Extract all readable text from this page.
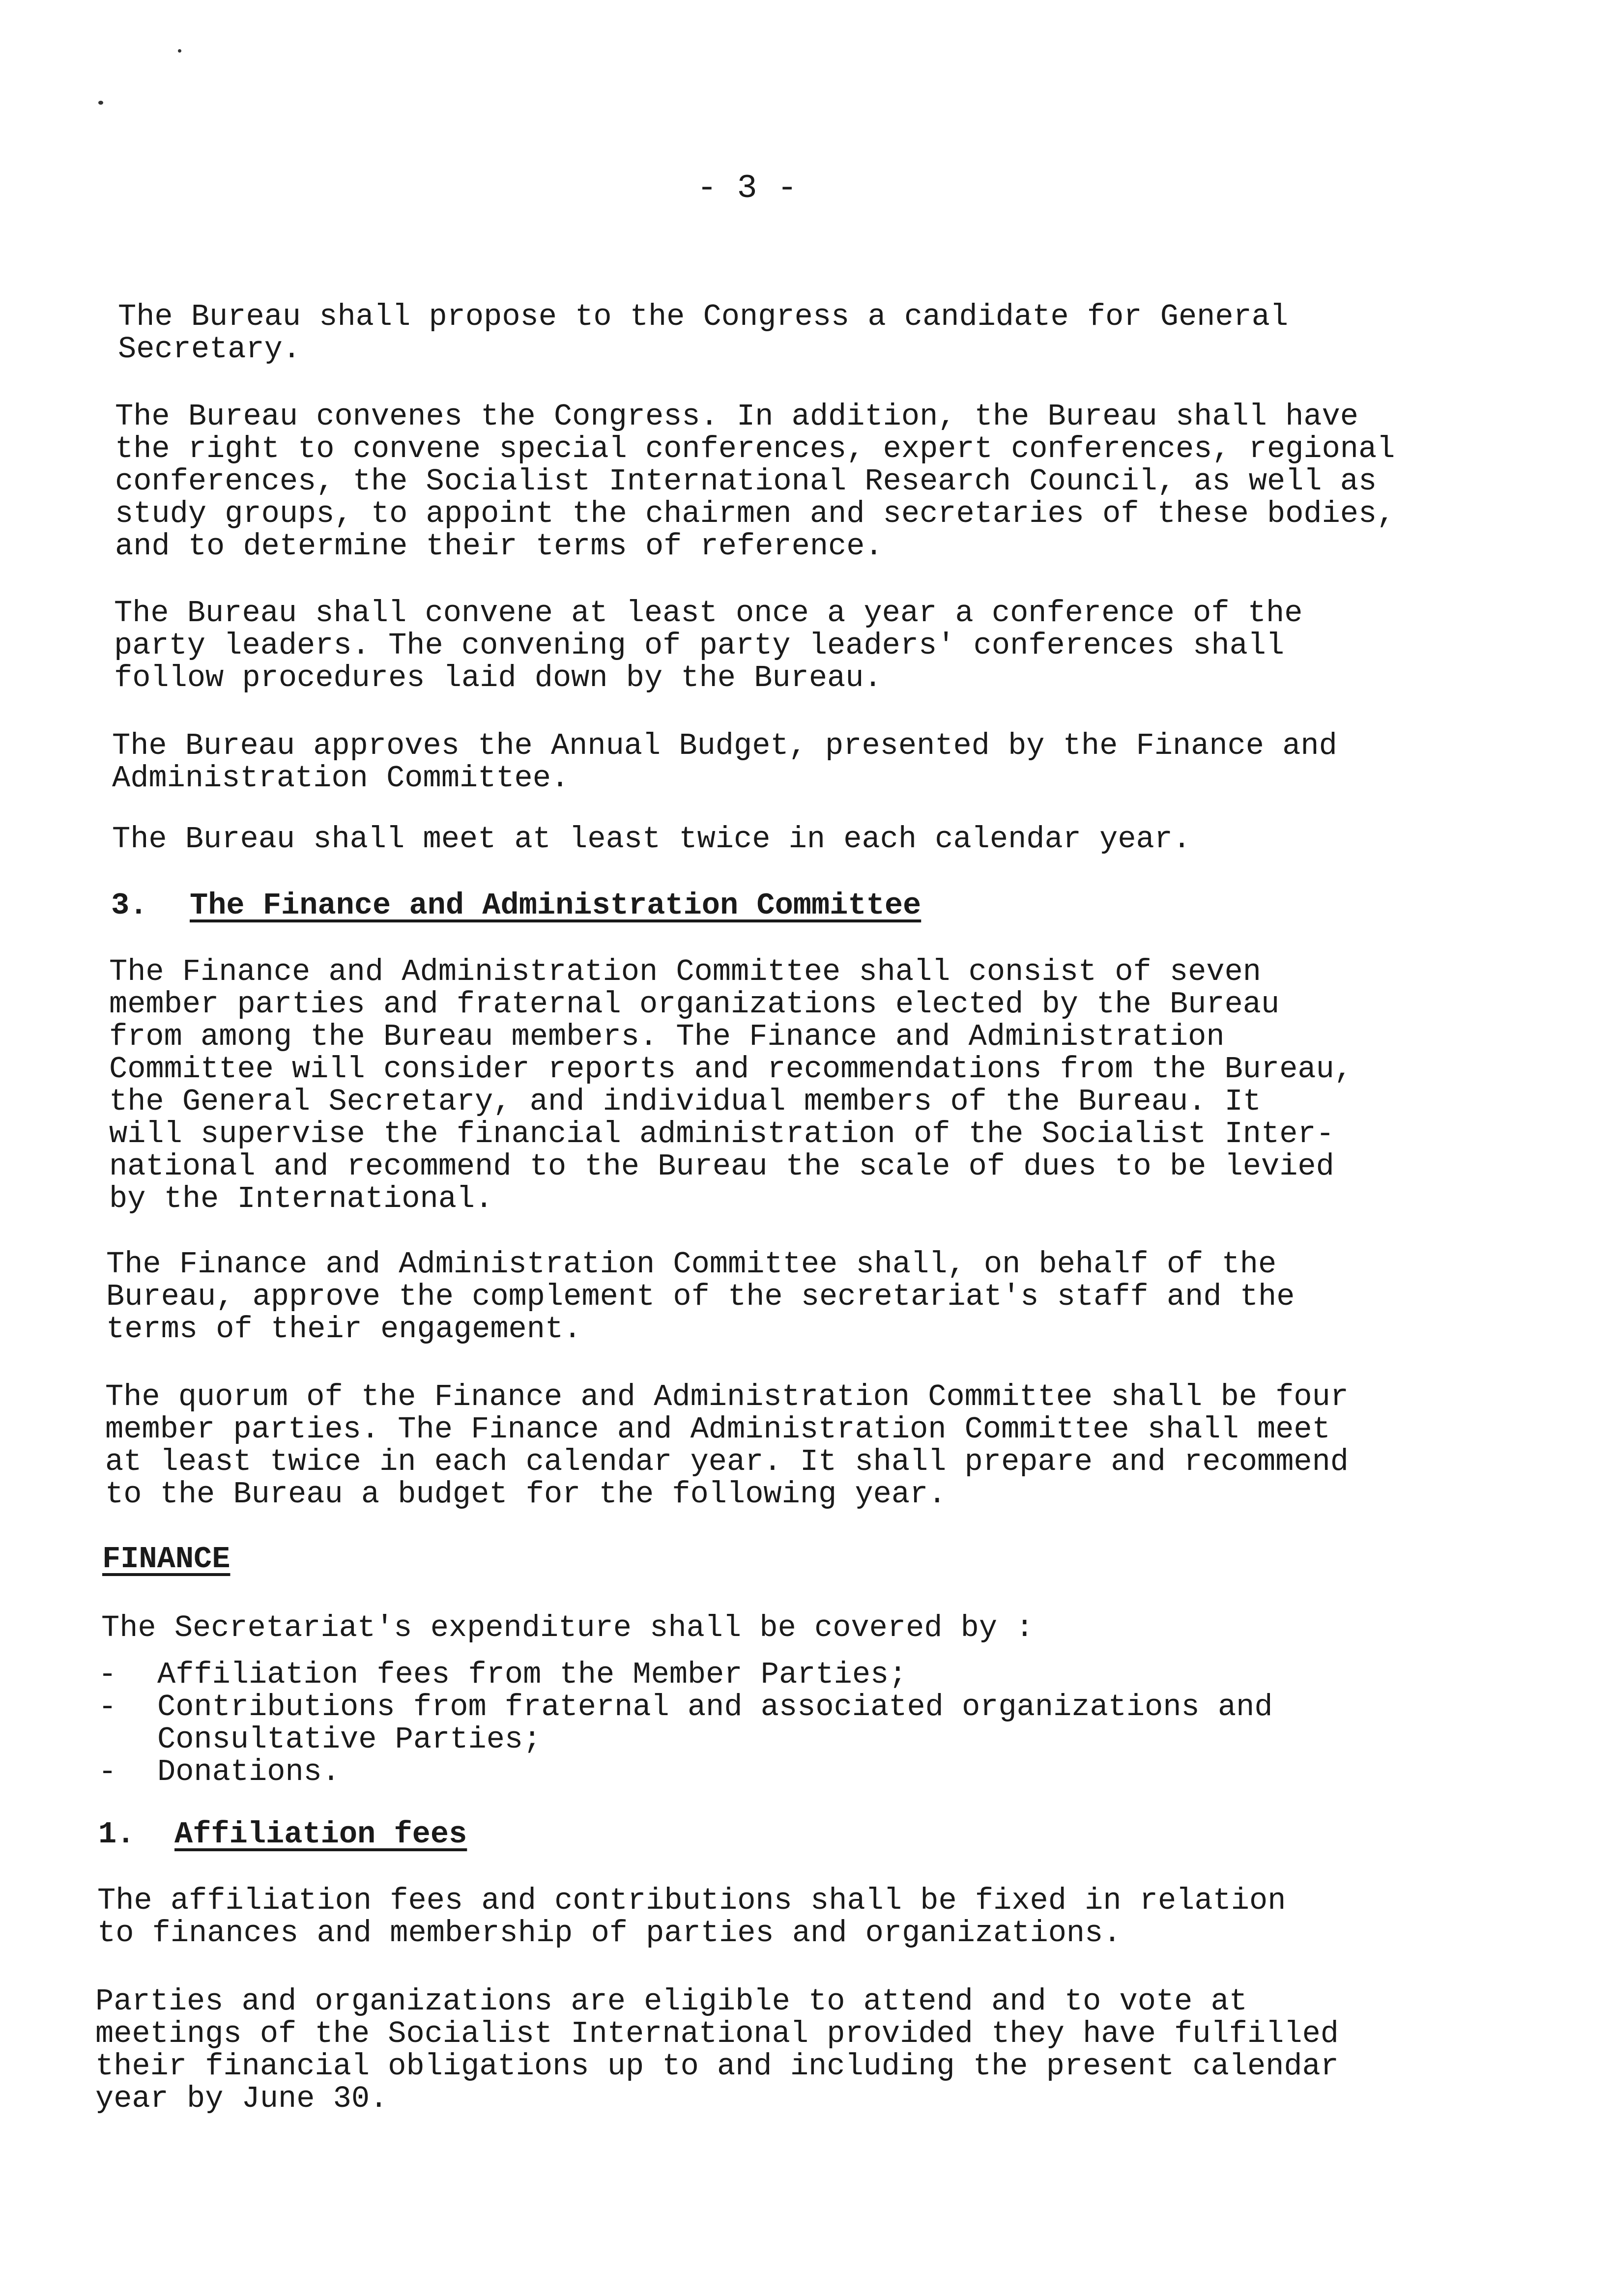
- 3 -

The Bureau shall propose to the Congress a candidate for General
Secretary.

The Bureau convenes the Congress. In addition, the Bureau shall have
the right to convene special conferences, expert conferences, regional
conferences, the Socialist International Research Council, as well as
study groups, to appoint the chairmen and secretaries of these bodies,
and to determine their terms of reference.

The Bureau shall convene at least once a year a conference of the
party leaders. The convening of party leaders' conferences shall
follow procedures laid down by the Bureau.

The Bureau approves the Annual Budget, presented by the Finance and
Administration Committee.

The Bureau shall meet at least twice in each calendar year.

3. The Finance and Administration Committee

The Finance and Administration Committee shall consist of seven
member parties and fraternal organizations elected by the Bureau
from among the Bureau members. The Finance and Administration
Committee will consider reports and recommendations from the Bureau,
the General Secretary, and individual members of the Bureau. It
will supervise the financial administration of the Socialist Inter-
national and recommend to the Bureau the scale of dues to be levied
by the International.

The Finance and Administration Committee shall, on behalf of the
Bureau, approve the complement of the secretariat's staff and the
terms of their engagement.

The quorum of the Finance and Administration Committee shall be four
member parties. The Finance and Administration Committee shall meet
at least twice in each calendar year. It shall prepare and recommend
to the Bureau a budget for the following year.

FINANCE

The Secretariat's expenditure shall be covered by :

-	Affiliation fees from the Member Parties;
-	Contributions from fraternal and associated organizations and
Consultative Parties;
-	Donations.
1. Affiliation fees

The affiliation fees and contributions shall be fixed in relation
to finances and membership of parties and organizations.

Parties and organizations are eligible to attend and to vote at
meetings of the Socialist International provided they have fulfilled
their financial obligations up to and including the present calendar
year by June 30.
